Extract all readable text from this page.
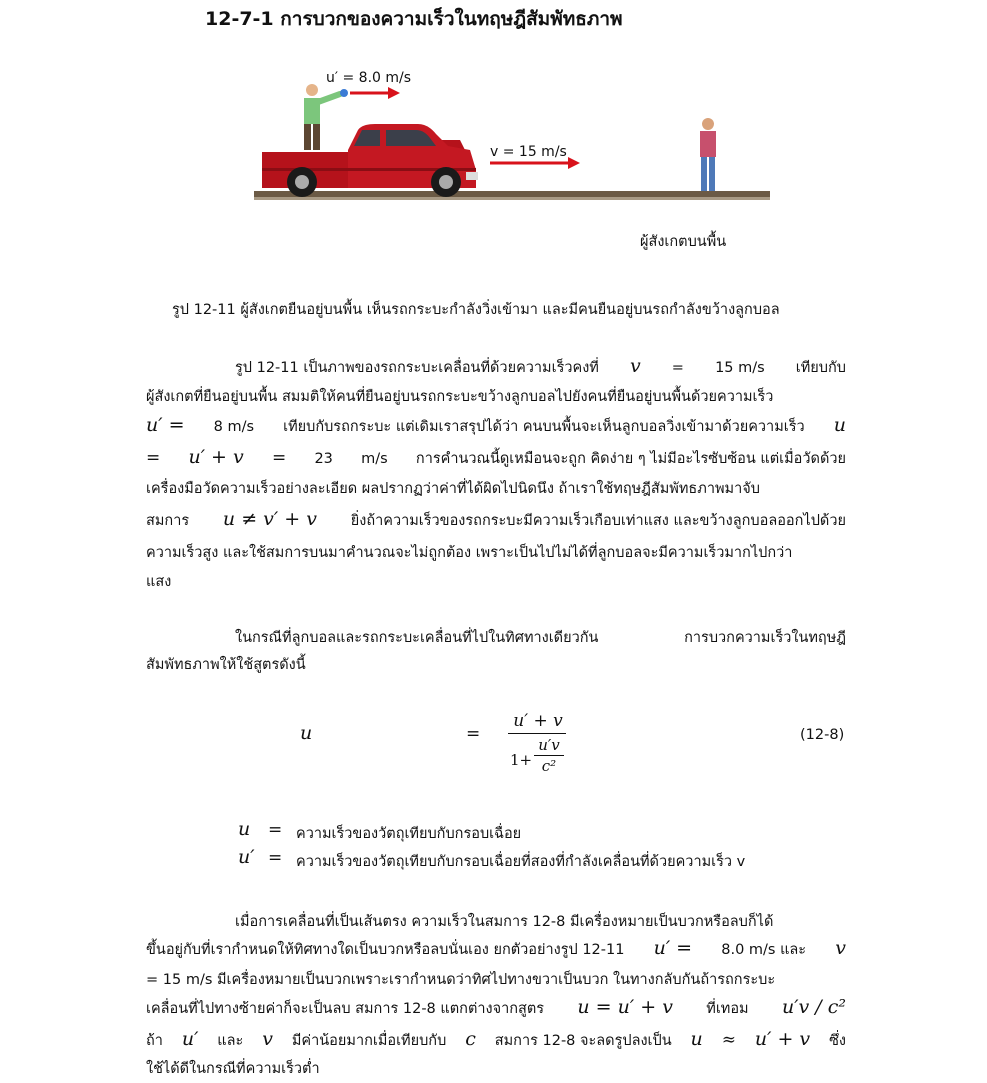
12-7-1 การบวกของความเร็วในทฤษฎีสัมพัทธภาพ
u′ = 8.0 m/s
v = 15 m/s
ผู้สังเกตบนพื้น
รูป 12-11 ผู้สังเกตยืนอยู่บนพื้น เห็นรถกระบะกำลังวิ่งเข้ามา และมีคนยืนอยู่บนรถกำลังขว้างลูกบอล
รูป 12-11 เป็นภาพของรถกระบะเคลื่อนที่ด้วยความเร็วคงที่ v = 15 m/s เทียบกับ
ผู้สังเกตที่ยืนอยู่บนพื้น สมมติให้คนที่ยืนอยู่บนรถกระบะขว้างลูกบอลไปยังคนที่ยืนอยู่บนพื้นด้วยความเร็ว
u′ = 8 m/s เทียบกับรถกระบะ แต่เดิมเราสรุปได้ว่า คนบนพื้นจะเห็นลูกบอลวิ่งเข้ามาด้วยความเร็ว u
= u′ + v = 23 m/s การคำนวณนี้ดูเหมือนจะถูก คิดง่าย ๆ ไม่มีอะไรซับซ้อน แต่เมื่อวัดด้วย
เครื่องมือวัดความเร็วอย่างละเอียด ผลปรากฏว่าค่าที่ได้ผิดไปนิดนึง ถ้าเราใช้ทฤษฎีสัมพัทธภาพมาจับ
สมการ u ≠ v′ + v ยิ่งถ้าความเร็วของรถกระบะมีความเร็วเกือบเท่าแสง และขว้างลูกบอลออกไปด้วย
ความเร็วสูง และใช้สมการบนมาคำนวณจะไม่ถูกต้อง เพราะเป็นไปไม่ได้ที่ลูกบอลจะมีความเร็วมากไปกว่า
แสง
ในกรณีที่ลูกบอลและรถกระบะเคลื่อนที่ไปในทิศทางเดียวกัน	การบวกความเร็วในทฤษฎี
สัมพัทธภาพให้ใช้สูตรดังนี้
u	=
u′ + v
1+
u′v
c²
(12-8)
u = ความเร็วของวัตถุเทียบกับกรอบเฉื่อย
u′ = ความเร็วของวัตถุเทียบกับกรอบเฉื่อยที่สองที่กำลังเคลื่อนที่ด้วยความเร็ว v
เมื่อการเคลื่อนที่เป็นเส้นตรง ความเร็วในสมการ 12-8 มีเครื่องหมายเป็นบวกหรือลบก็ได้
ขึ้นอยู่กับที่เรากำหนดให้ทิศทางใดเป็นบวกหรือลบนั่นเอง ยกตัวอย่างรูป 12-11 u′ = 8.0 m/s และ v
= 15 m/s มีเครื่องหมายเป็นบวกเพราะเรากำหนดว่าทิศไปทางขวาเป็นบวก ในทางกลับกันถ้ารถกระบะ
เคลื่อนที่ไปทางซ้ายค่าก็จะเป็นลบ สมการ 12-8 แตกต่างจากสูตร u = u′ + v ที่เทอม u′v / c²
ถ้า u′ และ v มีค่าน้อยมากเมื่อเทียบกับ c สมการ 12-8 จะลดรูปลงเป็น u ≈ u′ + v ซึ่ง
ใช้ได้ดีในกรณีที่ความเร็วต่ำ
